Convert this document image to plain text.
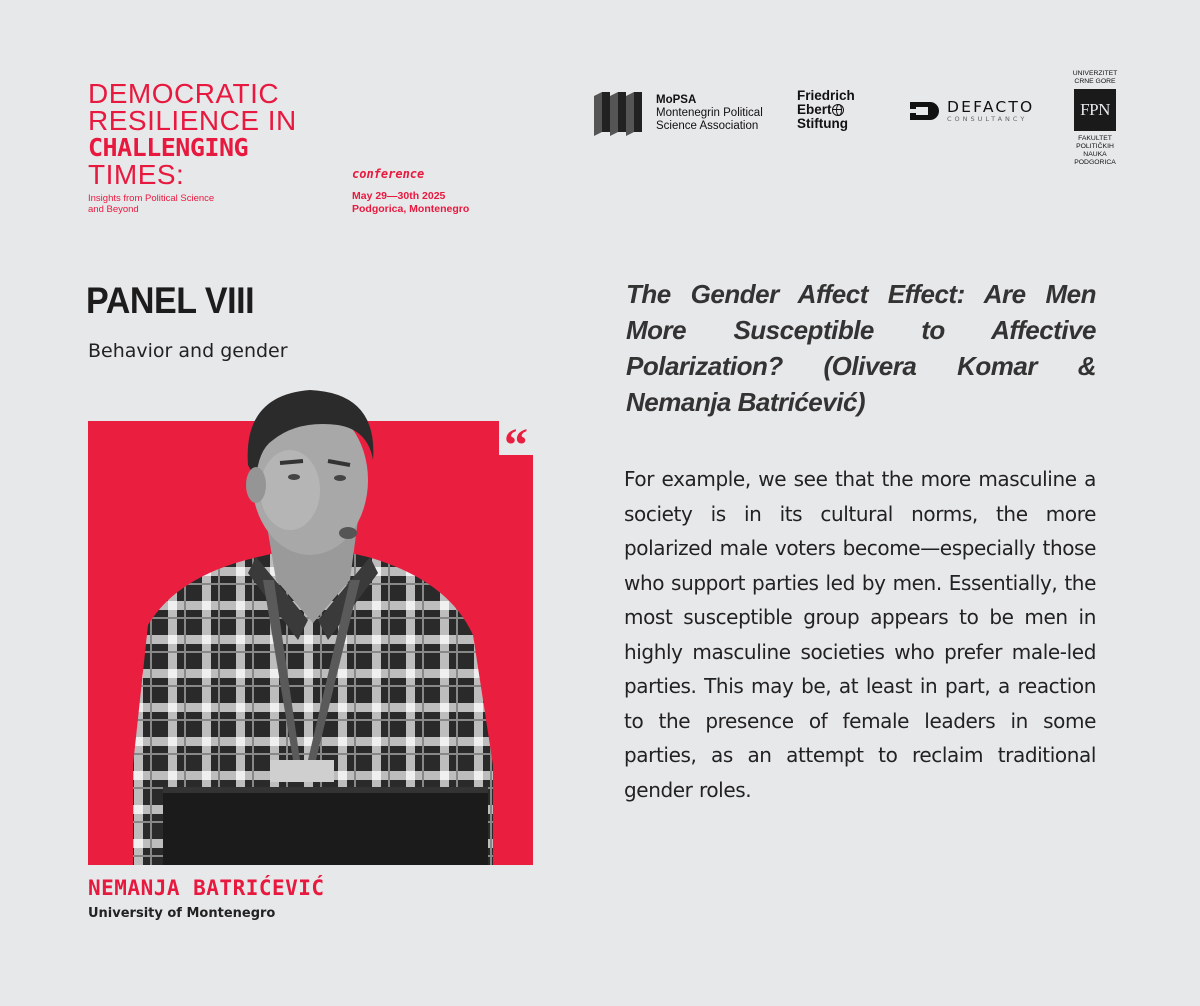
DEMOCRATIC
RESILIENCE IN
CHALLENGING
TIMES:
Insights from Political Science
and Beyond
conference
May 29—30th 2025
Podgorica, Montenegro
MoPSA
Montenegrin Political
Science Association
Friedrich
Ebert
Stiftung
DEFACTO
CONSULTANCY
UNIVERZITET
CRNE GORE
FPN
FAKULTET
POLITIČKIH
NAUKA
PODGORICA
PANEL VIII
Behavior and gender
“
NEMANJA BATRIĆEVIĆ
University of Montenegro
The Gender Affect Effect: Are Men More Susceptible to Affective Polarization? (Olivera Komar &
Nemanja Batrićević)
For example, we see that the more masculine a society is in its cultural norms, the more polarized male voters become—especially those who support parties led by men. Essentially, the most susceptible group appears to be men in highly masculine societies who prefer male-led parties. This may be, at least in part, a reaction to the presence of female leaders in some parties, as an attempt to reclaim traditional gender roles.
